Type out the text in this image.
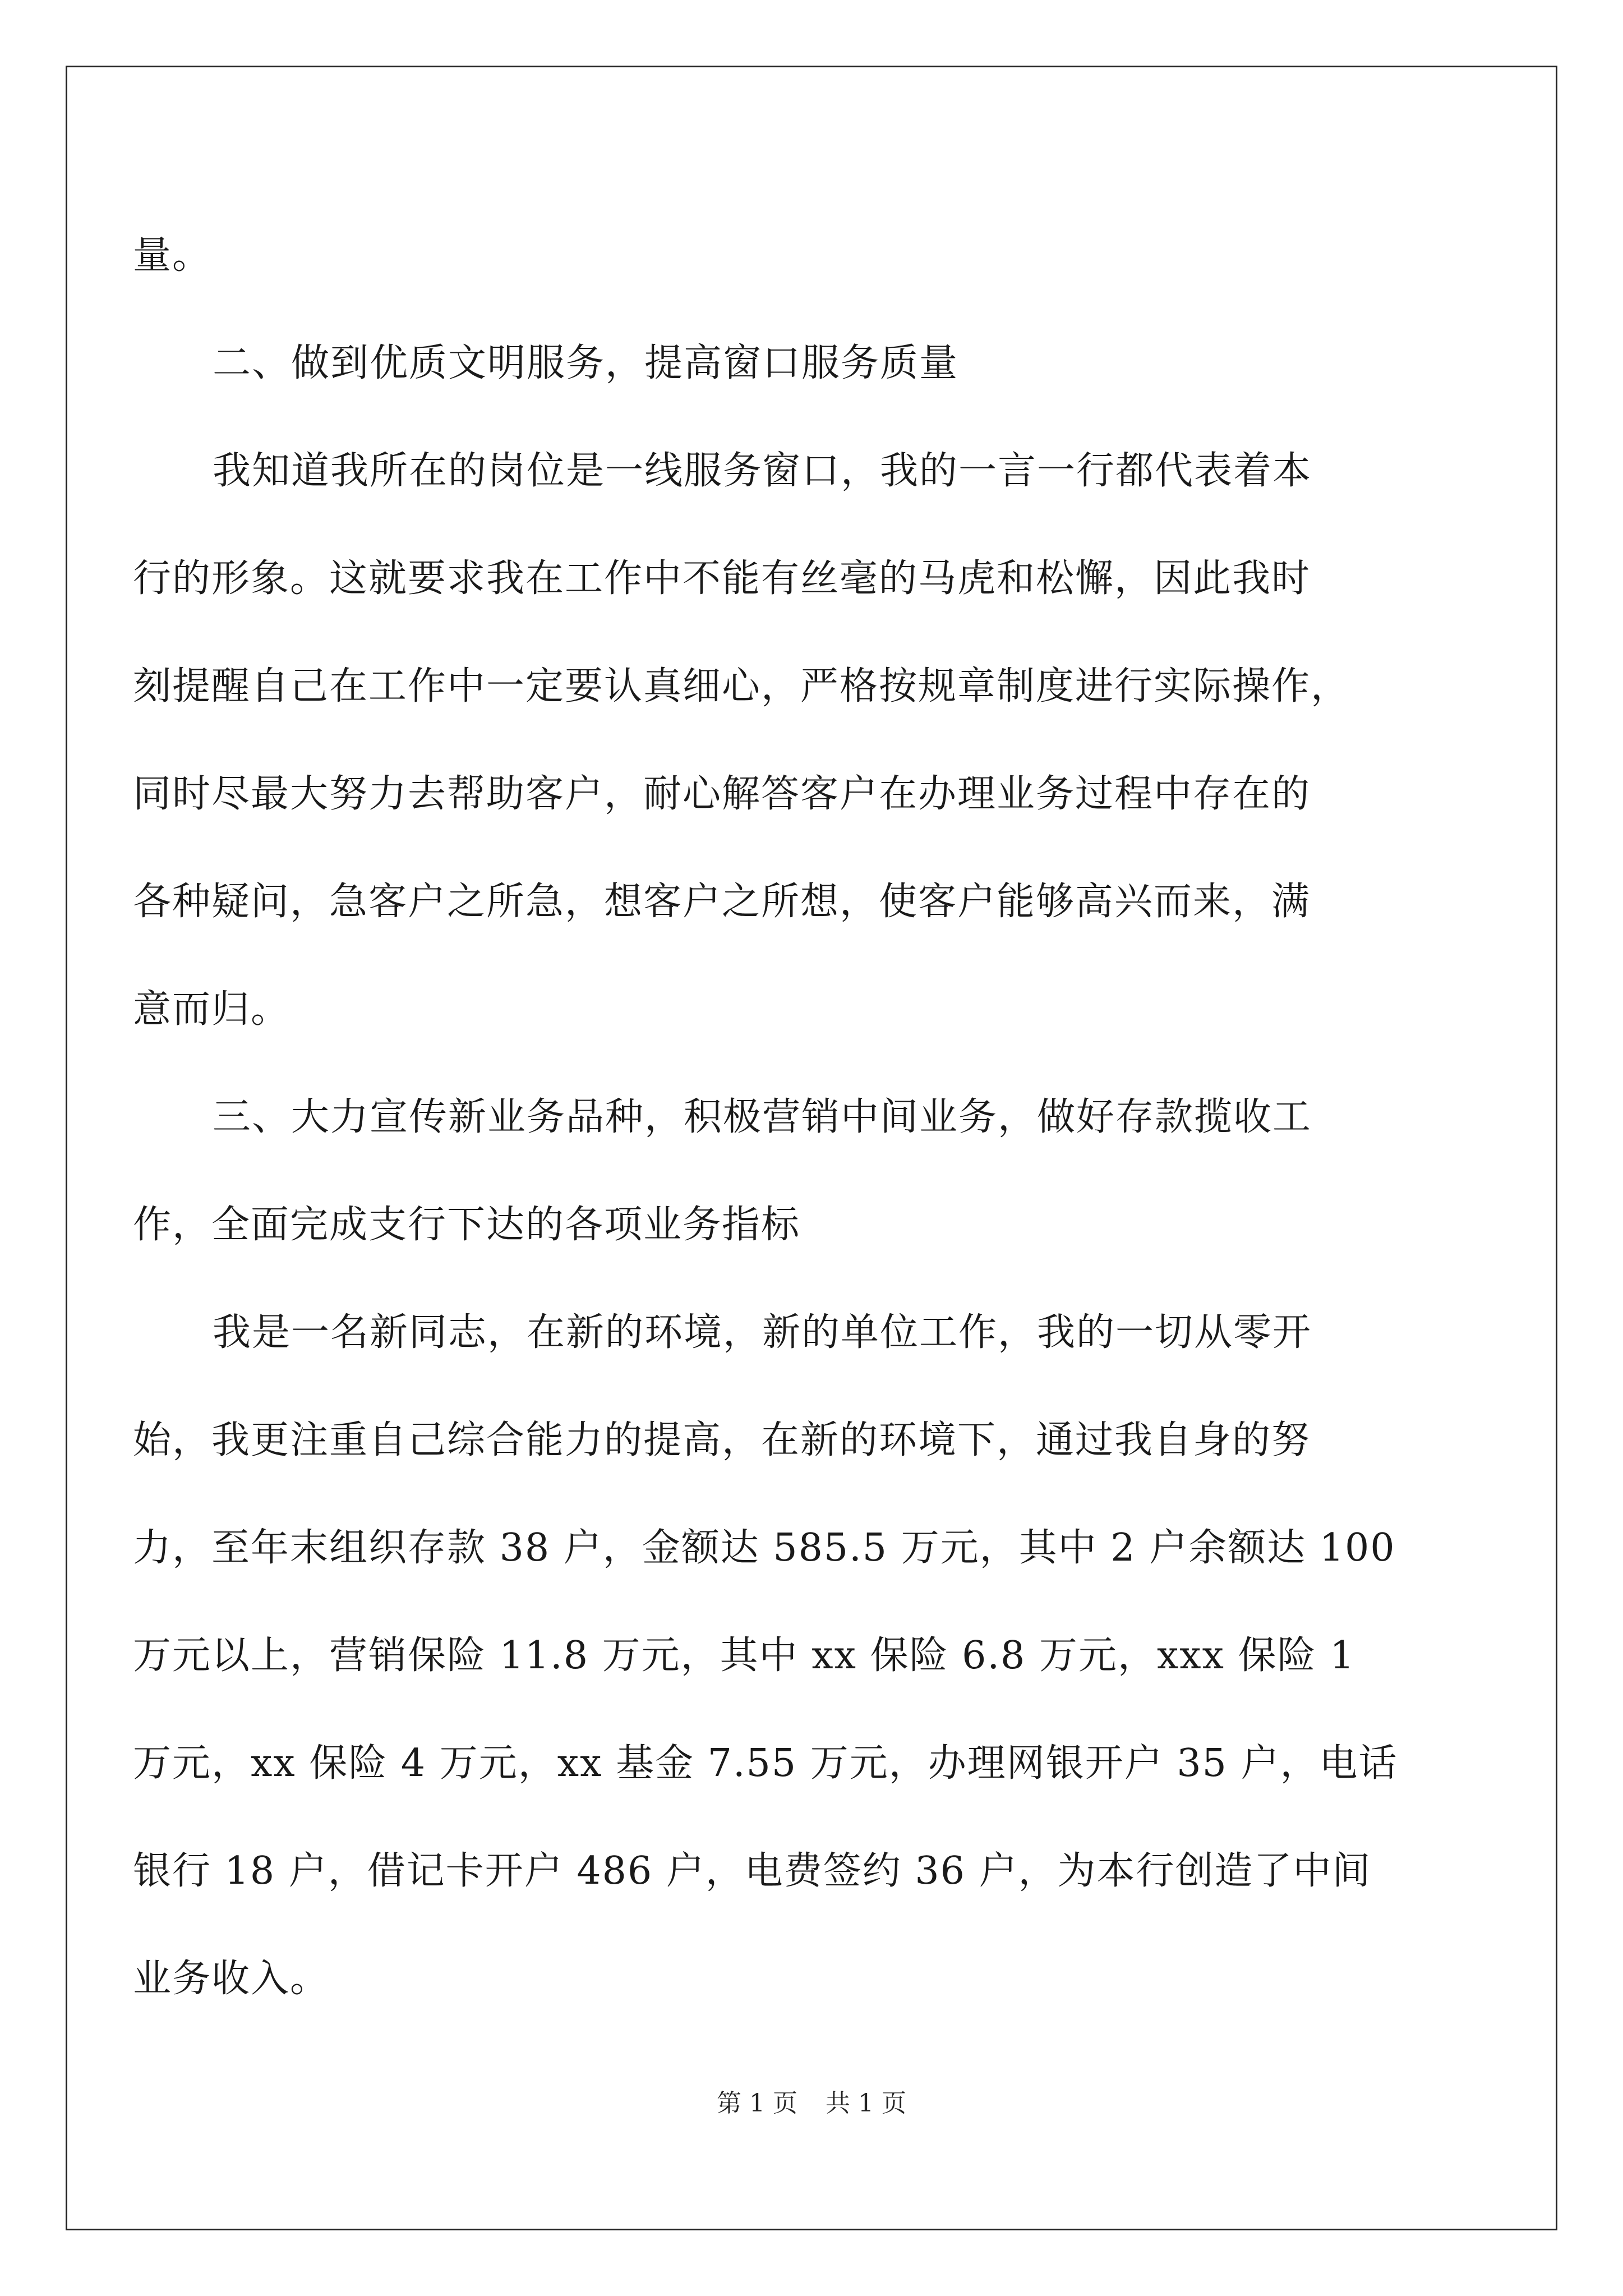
量。
二、做到优质文明服务，提高窗口服务质量
我知道我所在的岗位是一线服务窗口，我的一言一行都代表着本
行的形象。这就要求我在工作中不能有丝毫的马虎和松懈，因此我时
刻提醒自己在工作中一定要认真细心，严格按规章制度进行实际操作，
同时尽最大努力去帮助客户，耐心解答客户在办理业务过程中存在的
各种疑问，急客户之所急，想客户之所想，使客户能够高兴而来，满
意而归。
三、大力宣传新业务品种，积极营销中间业务，做好存款揽收工
作，全面完成支行下达的各项业务指标
我是一名新同志，在新的环境，新的单位工作，我的一切从零开
始，我更注重自己综合能力的提高，在新的环境下，通过我自身的努
力，至年末组织存款 38 户，金额达 585.5 万元，其中 2 户余额达 100
万元以上，营销保险 11.8 万元，其中 xx 保险 6.8 万元，xxx 保险 1
万元，xx 保险 4 万元，xx 基金 7.55 万元，办理网银开户 35 户，电话
银行 18 户，借记卡开户 486 户，电费签约 36 户，为本行创造了中间
业务收入。
第 1 页 共 1 页
